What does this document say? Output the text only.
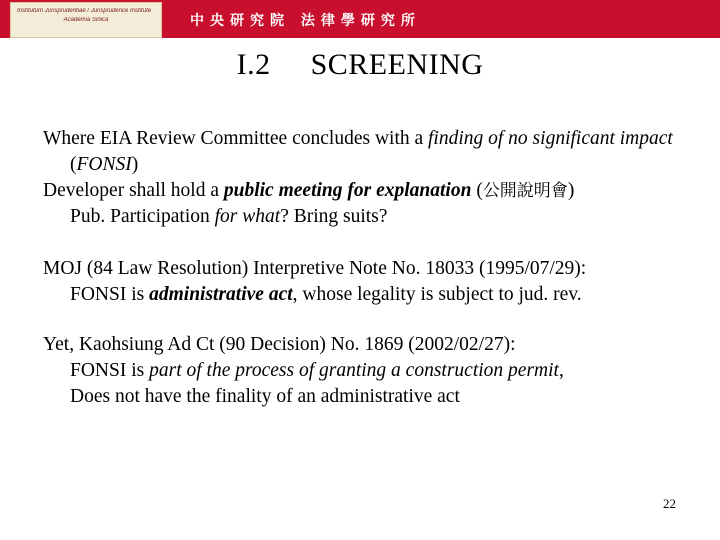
Institutum Jurisprudentiae / Jurisprudence Institute
Academia Sinica	中央研究院 法律學研究所
I.2     SCREENING

Where EIA Review Committee concludes with a finding of no significant impact (FONSI)

Developer shall hold a public meeting for explanation (公開說明會)

Pub. Participation for what? Bring suits?

MOJ (84 Law Resolution) Interpretive Note No. 18033 (1995/07/29):
FONSI is administrative act, whose legality is subject to jud. rev.

Yet, Kaohsiung Ad Ct (90 Decision) No. 1869 (2002/02/27):
FONSI is part of the process of granting a construction permit,
Does not have the finality of an administrative act

22
